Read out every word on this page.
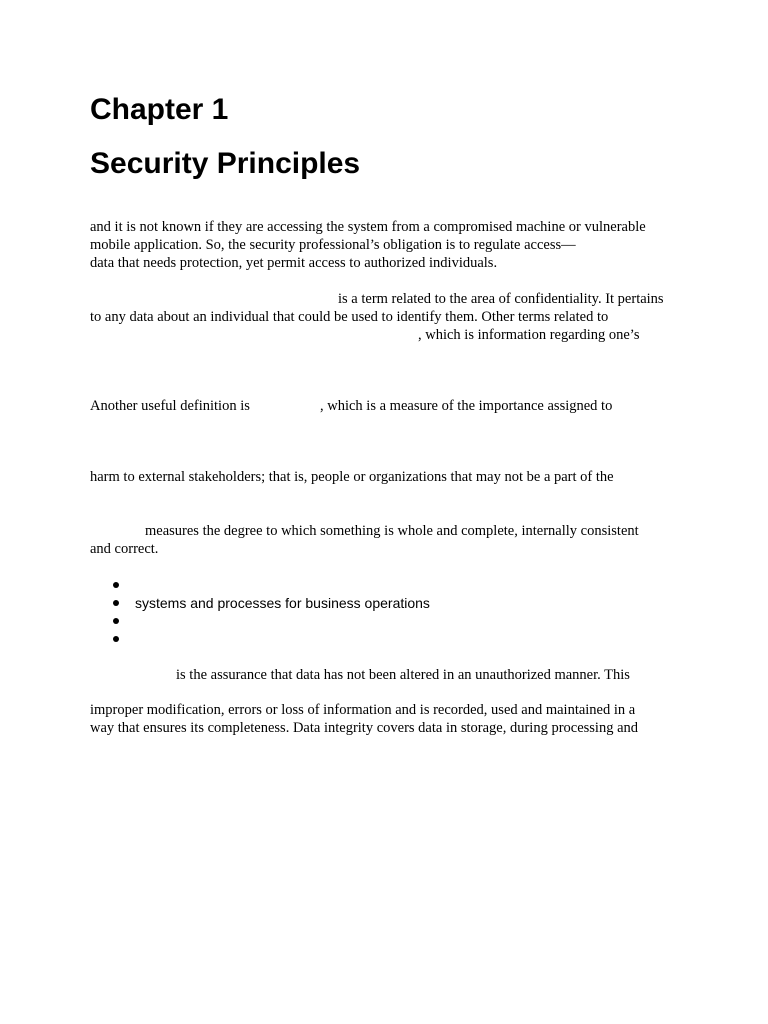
Chapter 1
Security Principles

and it is not known if they are accessing the system from a compromised machine or vulnerable

mobile application. So, the security professional’s obligation is to regulate access—

data that needs protection, yet permit access to authorized individuals.

is a term related to the area of confidentiality. It pertains

to any data about an individual that could be used to identify them. Other terms related to

, which is information regarding one’s

Another useful definition is	, which is a measure of the importance assigned to

harm to external stakeholders; that is, people or organizations that may not be a part of the

measures the degree to which something is whole and complete, internally consistent

and correct.

systems and processes for business operations

is the assurance that data has not been altered in an unauthorized manner. This

improper modification, errors or loss of information and is recorded, used and maintained in a

way that ensures its completeness. Data integrity covers data in storage, during processing and
